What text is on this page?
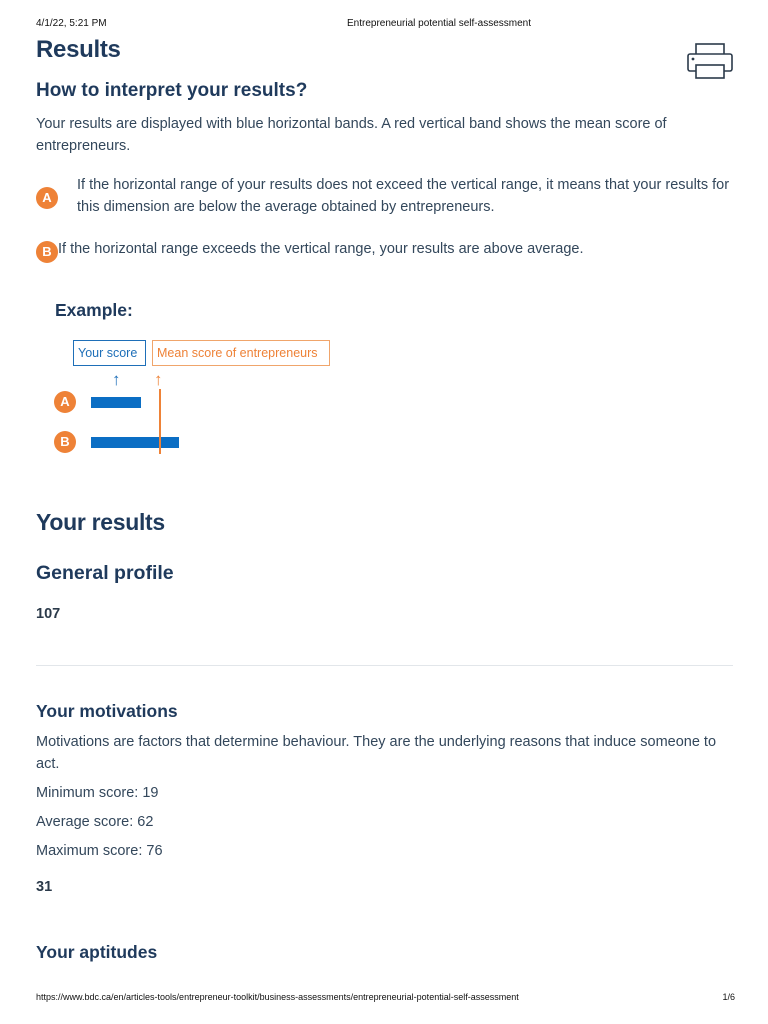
4/1/22, 5:21 PM	Entrepreneurial potential self-assessment
Results
How to interpret your results?
Your results are displayed with blue horizontal bands. A red vertical band shows the mean score of entrepreneurs.
A
If the horizontal range of your results does not exceed the vertical range, it means that your results for this dimension are below the average obtained by entrepreneurs.
B If the horizontal range exceeds the vertical range, your results are above average.
Example:
Your score	Mean score of entrepreneurs
↑ ↑
A
B
Your results
General profile
107
Your motivations
Motivations are factors that determine behaviour. They are the underlying reasons that induce someone to act.
Minimum score: 19
Average score: 62
Maximum score: 76
31
Your aptitudes
https://www.bdc.ca/en/articles-tools/entrepreneur-toolkit/business-assessments/entrepreneurial-potential-self-assessment	1/6
